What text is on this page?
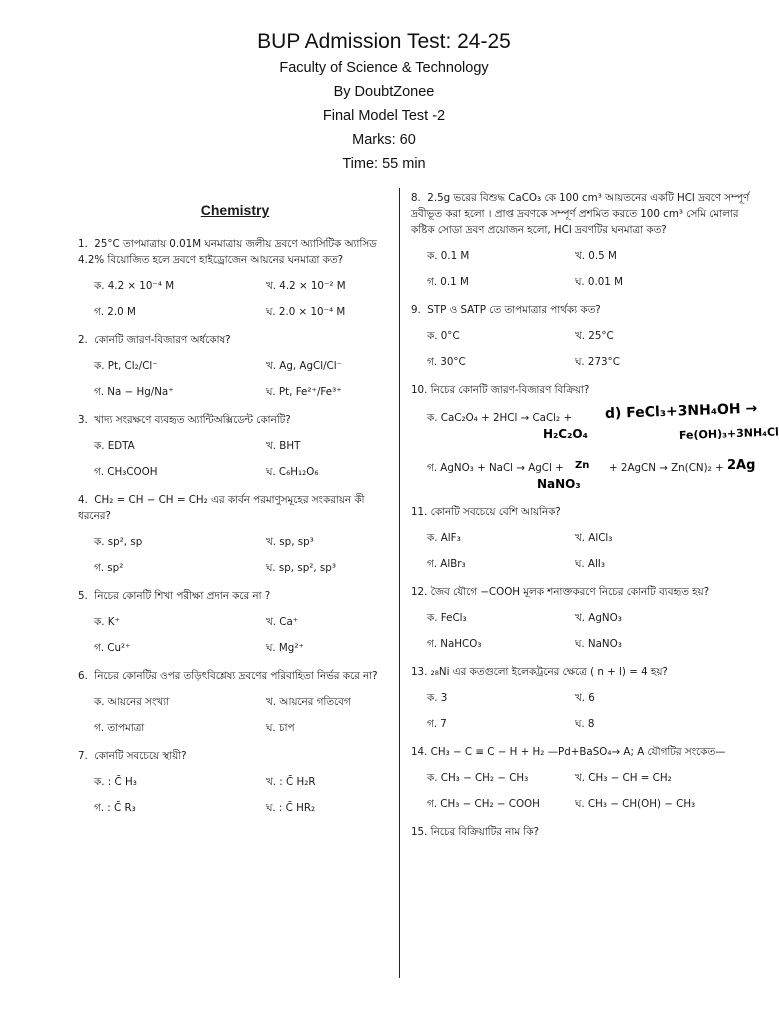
BUP Admission Test: 24-25
Faculty of Science & Technology
By DoubtZonee
Final Model Test -2
Marks: 60
Time: 55 min
Chemistry
1. 25°C তাপমাত্রায় 0.01M ঘনমাত্রায় জলীয় দ্রবণে অ্যাসিটিক অ্যাসিড 4.2% বিয়োজিত হলে দ্রবণে হাইড্রোজেন আয়নের ঘনমাত্রা কত?
ক. 4.2 × 10⁻⁴ M	খ. 4.2 × 10⁻² M
গ. 2.0 M	ঘ. 2.0 × 10⁻⁴ M
2. কোনটি জারণ-বিজারণ অর্ধকোষ?
ক. Pt, Cl₂/Cl⁻	খ. Ag, AgCl/Cl⁻
গ. Na − Hg/Na⁺	ঘ. Pt, Fe²⁺/Fe³⁺
3. খাদ্য সংরক্ষণে ব্যবহৃত অ্যান্টিঅক্সিডেন্ট কোনটি?
ক. EDTA	খ. BHT
গ. CH₃COOH	ঘ. C₆H₁₂O₆
4. CH₂ = CH − CH = CH₂ এর কার্বন পরমাণুসমূহের সংকরায়ন কী ধরনের?
ক. sp², sp	খ. sp, sp³
গ. sp²	ঘ. sp, sp², sp³
5. নিচের কোনটি শিখা পরীক্ষা প্রদান করে না ?
ক. K⁺	খ. Ca⁺
গ. Cu²⁺	ঘ. Mg²⁺
6. নিচের কোনটির ওপর তড়িৎবিশ্লেষ্য দ্রবণের পরিবাহিতা নির্ভর করে না?
ক. আয়নের সংখ্যা	খ. আয়নের গতিবেগ
গ. তাপমাত্রা	ঘ. চাপ
7. কোনটি সবচেয়ে স্থায়ী?
ক. : C̄ H₃	খ. : C̄ H₂R
গ. : C̄ R₃	ঘ. : C̄ HR₂
8. 2.5g ভরের বিশুদ্ধ CaCO₃ কে 100 cm³ আয়তনের একটি HCl দ্রবণে সম্পূর্ণ দ্রবীভূত করা হলো । প্রাপ্ত দ্রবণকে সম্পূর্ণ প্রশমিত করতে 100 cm³ সেমি মোলার কষ্টিক সোডা দ্রবণ প্রয়োজন হলো, HCl দ্রবণটির ঘনমাত্রা কত?
ক. 0.1 M	খ. 0.5 M
গ. 0.1 M	ঘ. 0.01 M
9. STP ও SATP তে তাপমাত্রার পার্থক্য কত?
ক. 0°C	খ. 25°C
গ. 30°C	ঘ. 273°C
10. নিচের কোনটি জারণ-বিজারণ বিক্রিয়া?
ক. CaC₂O₄ + 2HCl → CaCl₂ +
গ. AgNO₃ + NaCl → AgCl +	+ 2AgCN → Zn(CN)₂ +
d) FeCl₃+3NH₄OH →
Fe(OH)₃+3NH₄Cl
H₂C₂O₄
Zn
NaNO₃
2Ag
11. কোনটি সবচেয়ে বেশি আয়নিক?
ক. AlF₃	খ. AlCl₃
গ. AlBr₃	ঘ. AlI₃
12. জৈব যৌগে −COOH মূলক শনাক্তকরণে নিচের কোনটি ব্যবহৃত হয়?
ক. FeCl₃	খ. AgNO₃
গ. NaHCO₃	ঘ. NaNO₃
13. ₂₈Ni এর কতগুলো ইলেকট্রনের ক্ষেত্রে ( n + l) = 4 হয়?
ক. 3	খ. 6
গ. 7	ঘ. 8
14. CH₃ − C ≡ C − H + H₂ —Pd+BaSO₄→ A; A যৌগটির সংকেত—
ক. CH₃ − CH₂ − CH₃	খ. CH₃ − CH = CH₂
গ. CH₃ − CH₂ − COOH	ঘ. CH₃ − CH(OH) − CH₃
15. নিচের বিক্রিয়াটির নাম কি?
